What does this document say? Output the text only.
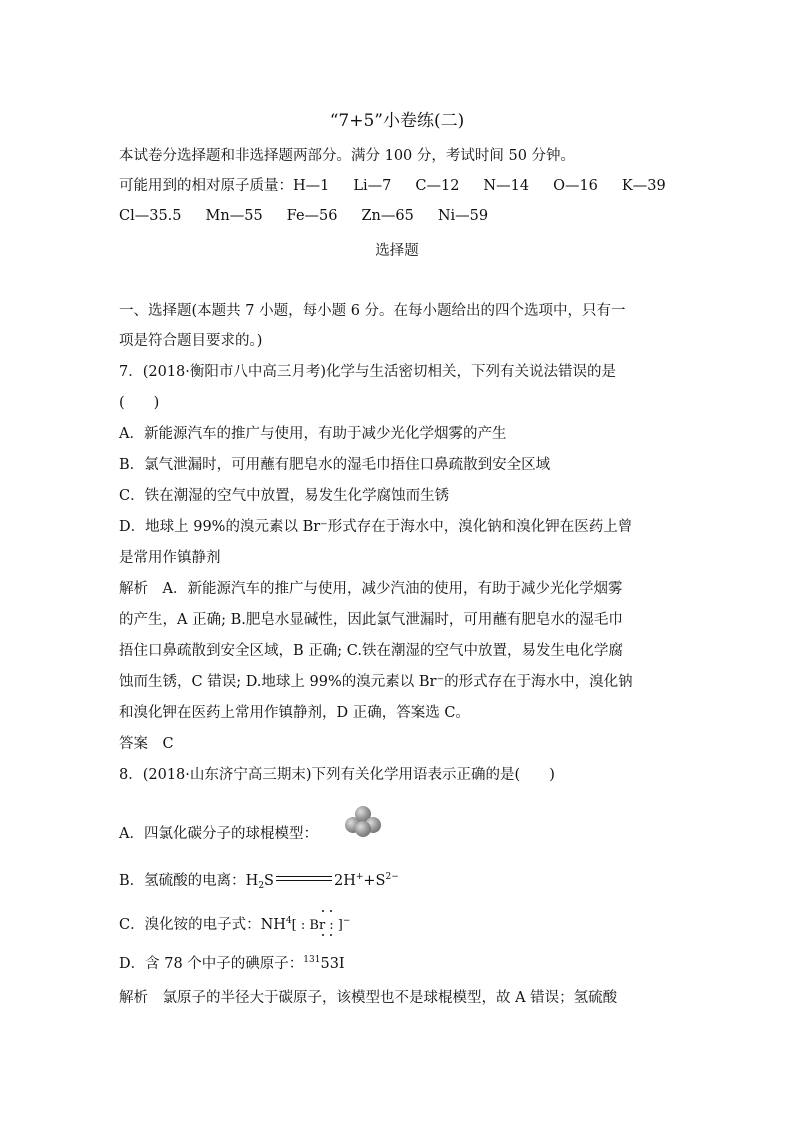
“7+5”小卷练(二)
本试卷分选择题和非选择题两部分。满分 100 分，考试时间 50 分钟。
可能用到的相对原子质量：H—1 Li—7 C—12 N—14 O—16 K—39
Cl—35.5 Mn—55 Fe—56 Zn—65 Ni—59
选择题
一、选择题(本题共 7 小题，每小题 6 分。在每小题给出的四个选项中，只有一
项是符合题目要求的。)
7．(2018·衡阳市八中高三月考)化学与生活密切相关，下列有关说法错误的是
(　　)
A．新能源汽车的推广与使用，有助于减少光化学烟雾的产生
B．氯气泄漏时，可用蘸有肥皂水的湿毛巾捂住口鼻疏散到安全区域
C．铁在潮湿的空气中放置，易发生化学腐蚀而生锈
D．地球上 99%的溴元素以 Br⁻形式存在于海水中，溴化钠和溴化钾在医药上曾
是常用作镇静剂
解析　A．新能源汽车的推广与使用，减少汽油的使用，有助于减少光化学烟雾
的产生，A 正确; B.肥皂水显碱性，因此氯气泄漏时，可用蘸有肥皂水的湿毛巾
捂住口鼻疏散到安全区域，B 正确; C.铁在潮湿的空气中放置，易发生电化学腐
蚀而生锈，C 错误; D.地球上 99%的溴元素以 Br⁻的形式存在于海水中，溴化钠
和溴化钾在医药上常用作镇静剂，D 正确，答案选 C。
答案　C
8．(2018·山东济宁高三期末)下列有关化学用语表示正确的是(　　)
A．四氯化碳分子的球棍模型：
B．氢硫酸的电离：$H_2S$	$2H^++S^{2-}$
C．溴化铵的电子式：$NH^4$[ : Br : ]
−
D．含 78 个中子的碘原子：$^{131}$53I
解析　氯原子的半径大于碳原子，该模型也不是球棍模型，故 A 错误；氢硫酸
